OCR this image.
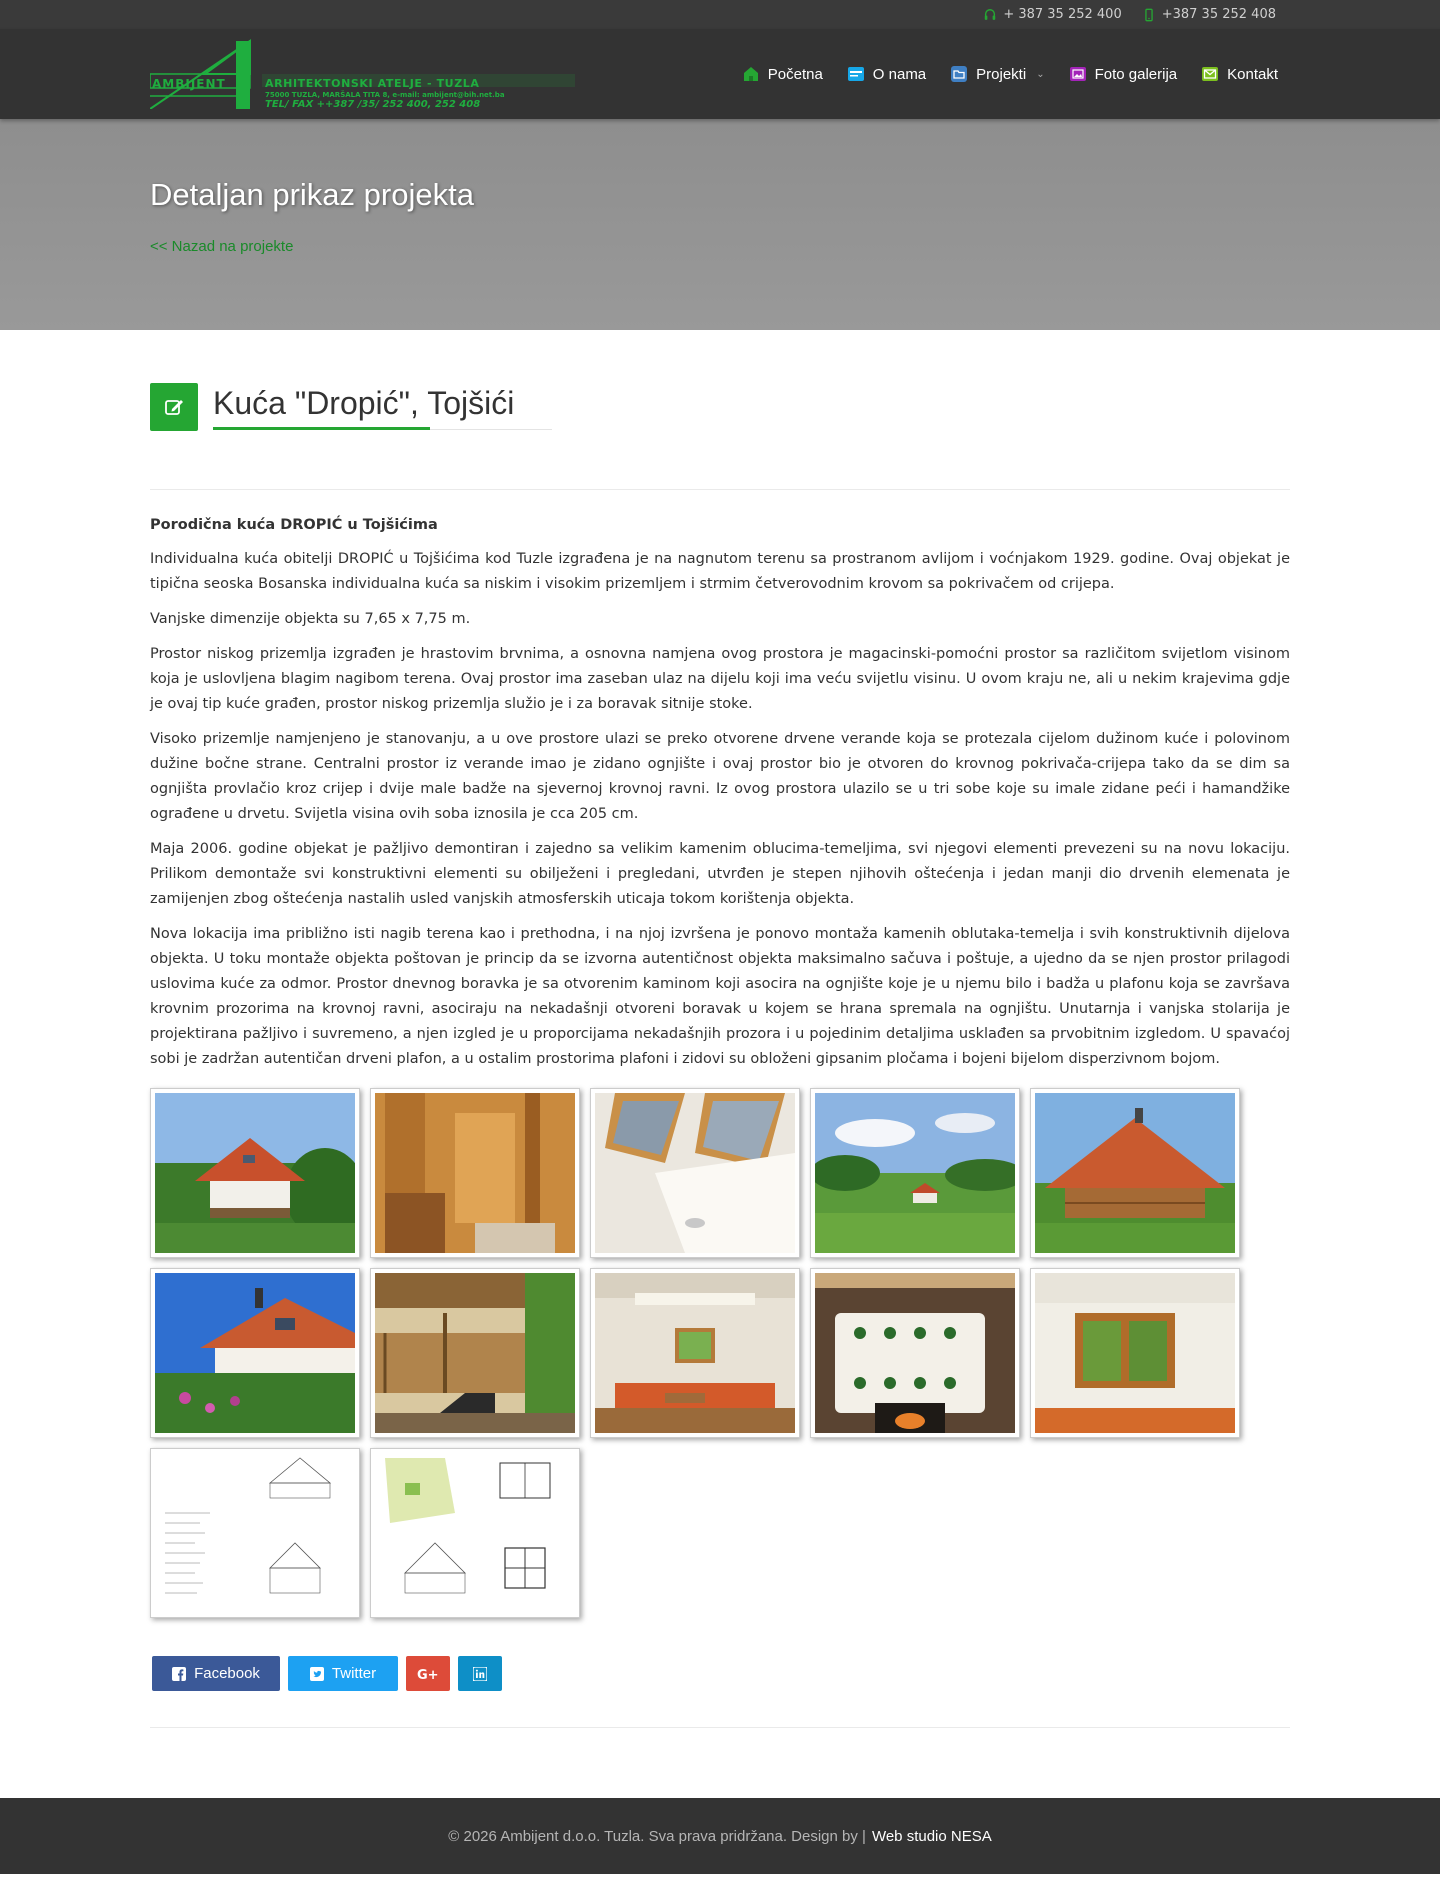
+ 387 35 252 400	+387 35 252 408
AMBIJENT	ARHITEKTONSKI ATELJE - TUZLA
75000 TUZLA, MARŠALA TITA 8, e-mail: ambijent@bih.net.ba
TEL/ FAX ++387 /35/ 252 400, 252 408
Početna	O nama	Projekti ⌄	Foto galerija	Kontakt
Detaljan prikaz projekta
<< Nazad na projekte
Kuća "Dropić", Tojšići
Porodična kuća DROPIĆ u Tojšićima

Individualna kuća obitelji DROPIĆ u Tojšićima kod Tuzle izgrađena je na nagnutom terenu sa prostranom avlijom i voćnjakom 1929. godine. Ovaj objekat je tipična seoska Bosanska individualna kuća sa niskim i visokim prizemljem i strmim četverovodnim krovom sa pokrivačem od crijepa.

Vanjske dimenzije objekta su 7,65 x 7,75 m.

Prostor niskog prizemlja izgrađen je hrastovim brvnima, a osnovna namjena ovog prostora je magacinski-pomoćni prostor sa različitom svijetlom visinom koja je uslovljena blagim nagibom terena. Ovaj prostor ima zaseban ulaz na dijelu koji ima veću svijetlu visinu. U ovom kraju ne, ali u nekim krajevima gdje je ovaj tip kuće građen, prostor niskog prizemlja služio je i za boravak sitnije stoke.

Visoko prizemlje namjenjeno je stanovanju, a u ove prostore ulazi se preko otvorene drvene verande koja se protezala cijelom dužinom kuće i polovinom dužine bočne strane. Centralni prostor iz verande imao je zidano ognjište i ovaj prostor bio je otvoren do krovnog pokrivača-crijepa tako da se dim sa ognjišta provlačio kroz crijep i dvije male badže na sjevernoj krovnoj ravni. Iz ovog prostora ulazilo se u tri sobe koje su imale zidane peći i hamandžike ograđene u drvetu. Svijetla visina ovih soba iznosila je cca 205 cm.

Maja 2006. godine objekat je pažljivo demontiran i zajedno sa velikim kamenim oblucima-temeljima, svi njegovi elementi prevezeni su na novu lokaciju. Prilikom demontaže svi konstruktivni elementi su obilježeni i pregledani, utvrđen je stepen njihovih oštećenja i jedan manji dio drvenih elemenata je zamijenjen zbog oštećenja nastalih usled vanjskih atmosferskih uticaja tokom korištenja objekta.

Nova lokacija ima približno isti nagib terena kao i prethodna, i na njoj izvršena je ponovo montaža kamenih oblutaka-temelja i svih konstruktivnih dijelova objekta. U toku montaže objekta poštovan je princip da se izvorna autentičnost objekta maksimalno sačuva i poštuje, a ujedno da se njen prostor prilagodi uslovima kuće za odmor. Prostor dnevnog boravka je sa otvorenim kaminom koji asocira na ognjište koje je u njemu bilo i badža u plafonu koja se završava krovnim prozorima na krovnoj ravni, asociraju na nekadašnji otvoreni boravak u kojem se hrana spremala na ognjištu. Unutarnja i vanjska stolarija je projektirana pažljivo i suvremeno, a njen izgled je u proporcijama nekadašnjih prozora i u pojedinim detaljima usklađen sa prvobitnim izgledom. U spavaćoj sobi je zadržan autentičan drveni plafon, a u ostalim prostorima plafoni i zidovi su obloženi gipsanim pločama i bojeni bijelom disperzivnom bojom.

Facebook	Twitter	G+
© 2026 Ambijent d.o.o. Tuzla. Sva prava pridržana. Design by | Web studio NESA
